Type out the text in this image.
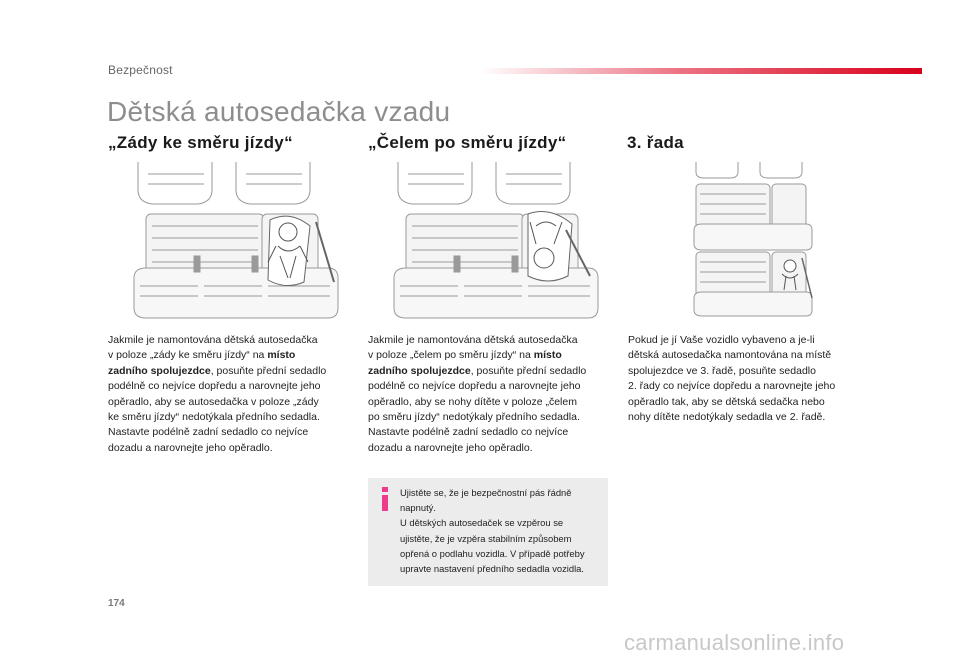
Bezpečnost
Dětská autosedačka vzadu
„Zády ke směru jízdy“	„Čelem po směru jízdy“	3. řada

Jakmile je namontována dětská autosedačka
v poloze „zády ke směru jízdy“ na místo
zadního spolujezdce, posuňte přední sedadlo
podélně co nejvíce dopředu a narovnejte jeho
opěradlo, aby se autosedačka v poloze „zády
ke směru jízdy“ nedotýkala předního sedadla.
Nastavte podélně zadní sedadlo co nejvíce
dozadu a narovnejte jeho opěradlo.

Jakmile je namontována dětská autosedačka
v poloze „čelem po směru jízdy“ na místo
zadního spolujezdce, posuňte přední sedadlo
podélně co nejvíce dopředu a narovnejte jeho
opěradlo, aby se nohy dítěte v poloze „čelem
po směru jízdy“ nedotýkaly předního sedadla.
Nastavte podélně zadní sedadlo co nejvíce
dozadu a narovnejte jeho opěradlo.

Pokud je jí Vaše vozidlo vybaveno a je-li
dětská autosedačka namontována na místě
spolujezdce ve 3. řadě, posuňte sedadlo
2. řady co nejvíce dopředu a narovnejte jeho
opěradlo tak, aby se dětská sedačka nebo
nohy dítěte nedotýkaly sedadla ve 2. řadě.

Ujistěte se, že je bezpečnostní pás řádně
napnutý.
U dětských autosedaček se vzpěrou se
ujistěte, že je vzpěra stabilním způsobem
opřená o podlahu vozidla. V případě potřeby
upravte nastavení předního sedadla vozidla.
174
carmanualsonline.info
